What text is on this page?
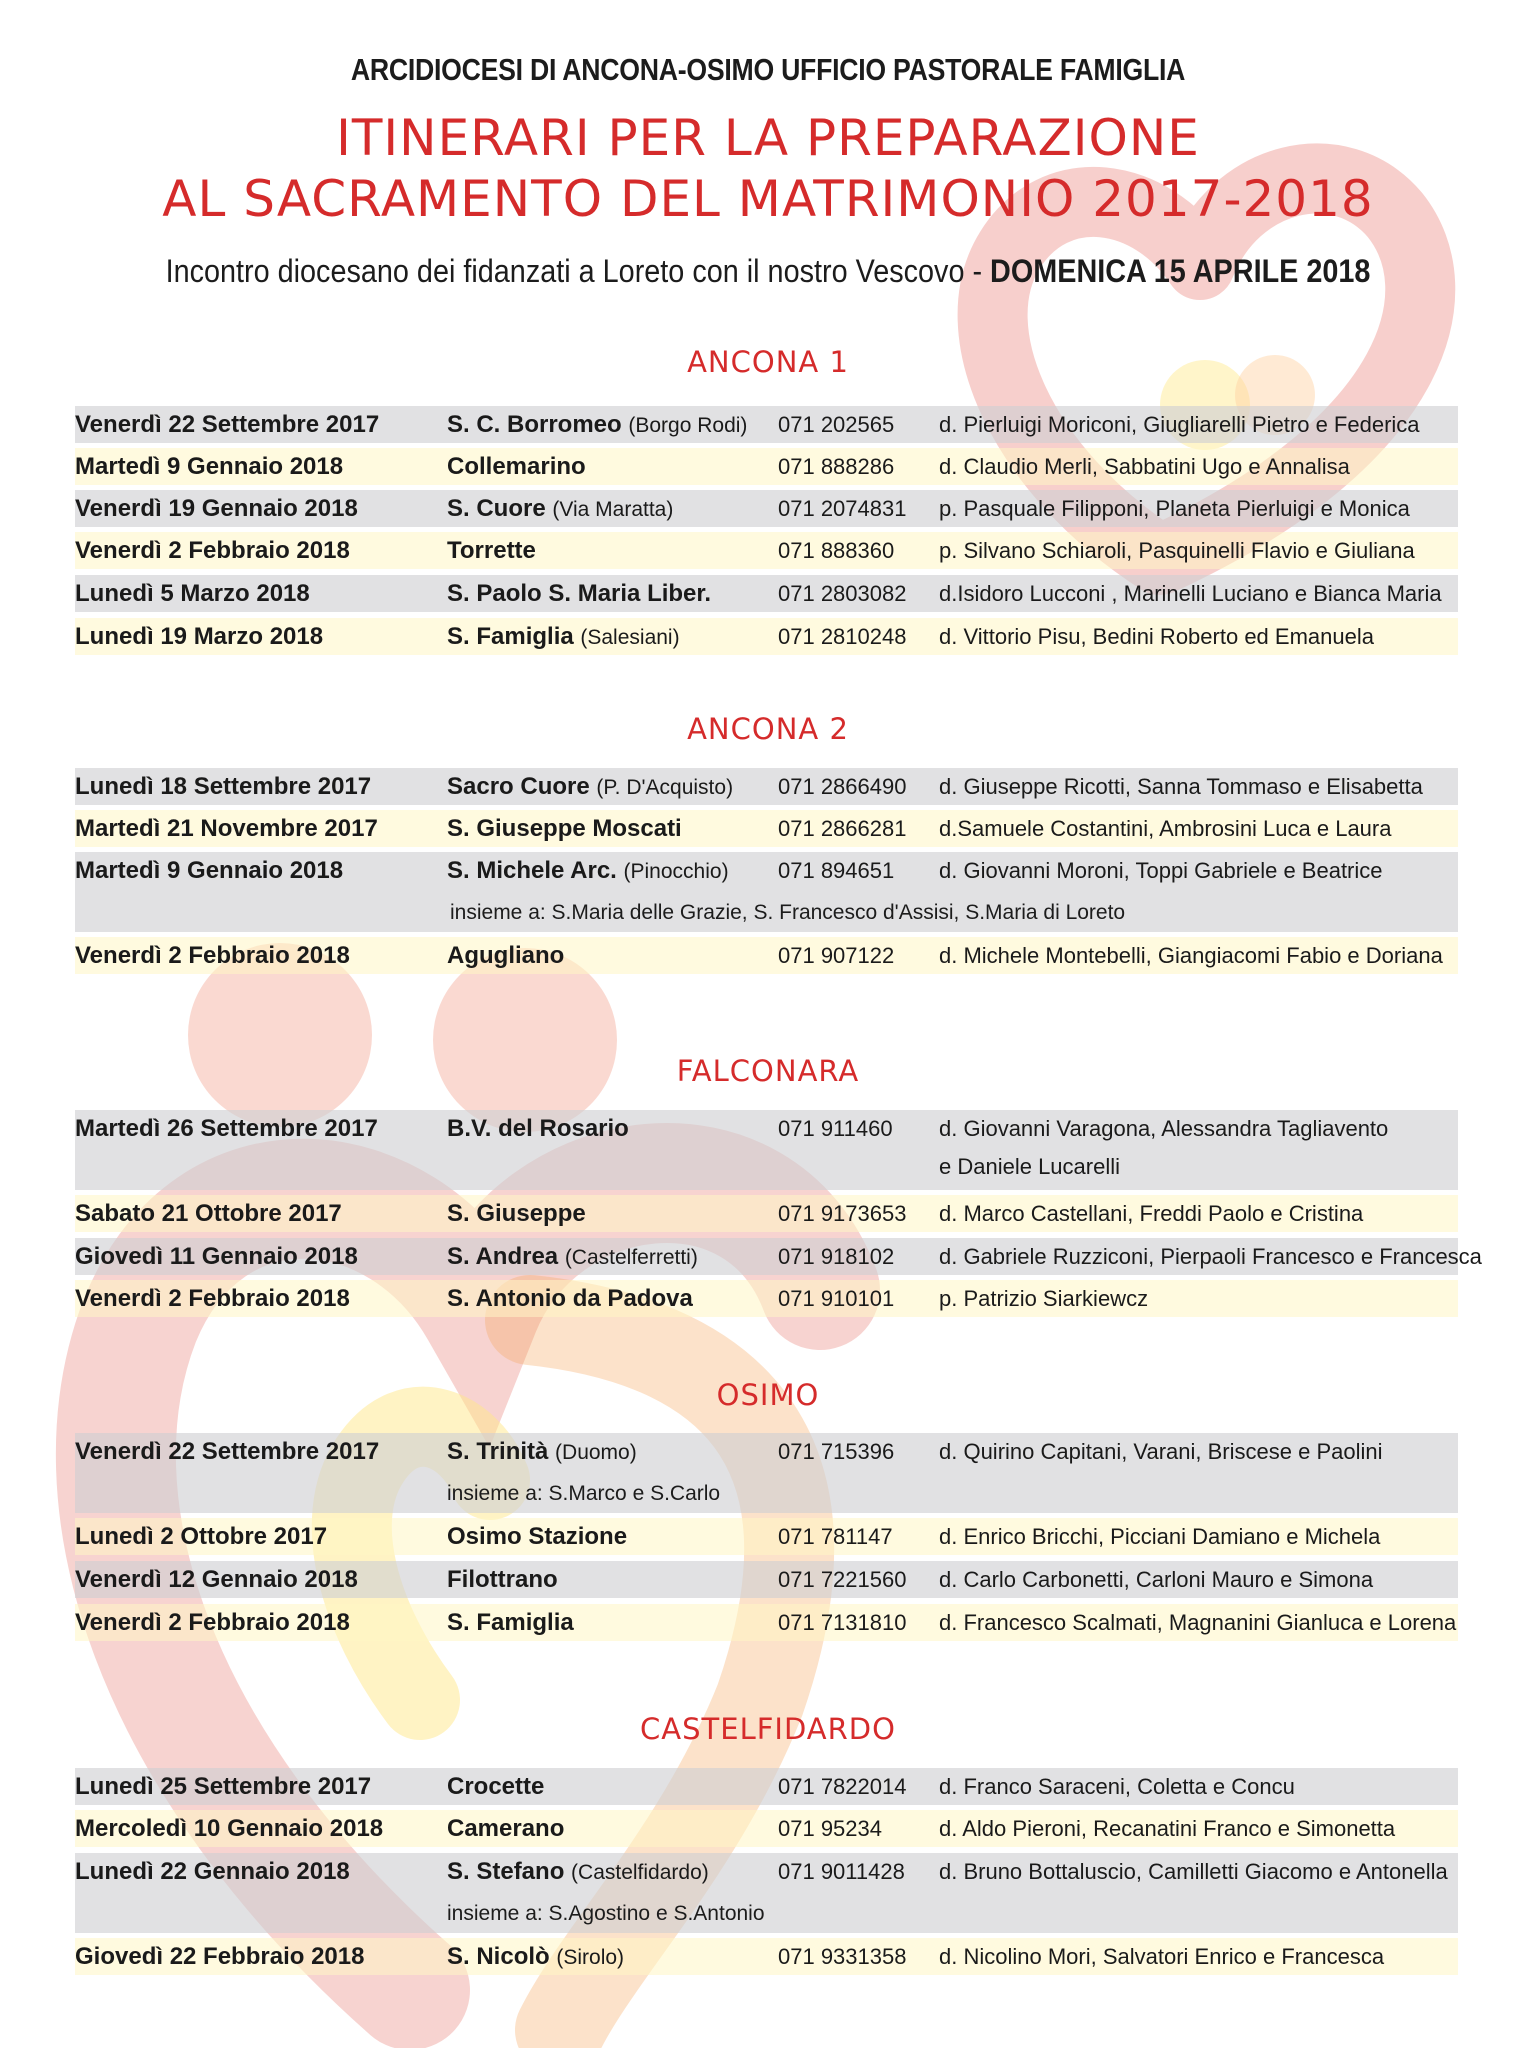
ARCIDIOCESI DI ANCONA-OSIMO UFFICIO PASTORALE FAMIGLIA
ITINERARI PER LA PREPARAZIONE
AL SACRAMENTO DEL MATRIMONIO 2017-2018
Incontro diocesano dei fidanzati a Loreto con il nostro Vescovo - DOMENICA 15 APRILE 2018
ANCONA 1
Venerdì 22 Settembre 2017	S. C. Borromeo (Borgo Rodi) 071 202565 d. Pierluigi Moriconi, Giugliarelli Pietro e Federica
Martedì 9 Gennaio 2018	Collemarino	071 888286 d. Claudio Merli, Sabbatini Ugo e Annalisa
Venerdì 19 Gennaio 2018	S. Cuore (Via Maratta)	071 2074831 p. Pasquale Filipponi, Planeta Pierluigi e Monica
Venerdì 2 Febbraio 2018	Torrette	071 888360 p. Silvano Schiaroli, Pasquinelli Flavio e Giuliana
Lunedì 5 Marzo 2018	S. Paolo S. Maria Liber.	071 2803082 d.Isidoro Lucconi , Marinelli Luciano e Bianca Maria
Lunedì 19 Marzo 2018	S. Famiglia (Salesiani)	071 2810248 d. Vittorio Pisu, Bedini Roberto ed Emanuela
ANCONA 2
Lunedì 18 Settembre 2017	Sacro Cuore (P. D'Acquisto) 071 2866490 d. Giuseppe Ricotti, Sanna Tommaso e Elisabetta
Martedì 21 Novembre 2017	S. Giuseppe Moscati	071 2866281 d.Samuele Costantini, Ambrosini Luca e Laura
Martedì 9 Gennaio 2018	S. Michele Arc. (Pinocchio) 071 894651 d. Giovanni Moroni, Toppi Gabriele e Beatrice
insieme a: S.Maria delle Grazie, S. Francesco d'Assisi, S.Maria di Loreto
Venerdì 2 Febbraio 2018	Agugliano	071 907122 d. Michele Montebelli, Giangiacomi Fabio e Doriana
FALCONARA
Martedì 26 Settembre 2017	B.V. del Rosario	071 911460 d. Giovanni Varagona, Alessandra Tagliavento
e Daniele Lucarelli
Sabato 21 Ottobre 2017	S. Giuseppe	071 9173653 d. Marco Castellani, Freddi Paolo e Cristina
Giovedì 11 Gennaio 2018	S. Andrea (Castelferretti)	071 918102 d. Gabriele Ruzziconi, Pierpaoli Francesco e Francesca
Venerdì 2 Febbraio 2018	S. Antonio da Padova	071 910101 p. Patrizio Siarkiewcz
OSIMO
Venerdì 22 Settembre 2017	S. Trinità (Duomo)	071 715396 d. Quirino Capitani, Varani, Briscese e Paolini
insieme a: S.Marco e S.Carlo
Lunedì 2 Ottobre 2017	Osimo Stazione	071 781147 d. Enrico Bricchi, Picciani Damiano e Michela
Venerdì 12 Gennaio 2018	Filottrano	071 7221560 d. Carlo Carbonetti, Carloni Mauro e Simona
Venerdì 2 Febbraio 2018	S. Famiglia	071 7131810 d. Francesco Scalmati, Magnanini Gianluca e Lorena
CASTELFIDARDO
Lunedì 25 Settembre 2017	Crocette	071 7822014 d. Franco Saraceni, Coletta e Concu
Mercoledì 10 Gennaio 2018	Camerano	071 95234	d. Aldo Pieroni, Recanatini Franco e Simonetta
Lunedì 22 Gennaio 2018	S. Stefano (Castelfidardo)	071 9011428 d. Bruno Bottaluscio, Camilletti Giacomo e Antonella
insieme a: S.Agostino e S.Antonio
Giovedì 22 Febbraio 2018	S. Nicolò (Sirolo)	071 9331358 d. Nicolino Mori, Salvatori Enrico e Francesca
